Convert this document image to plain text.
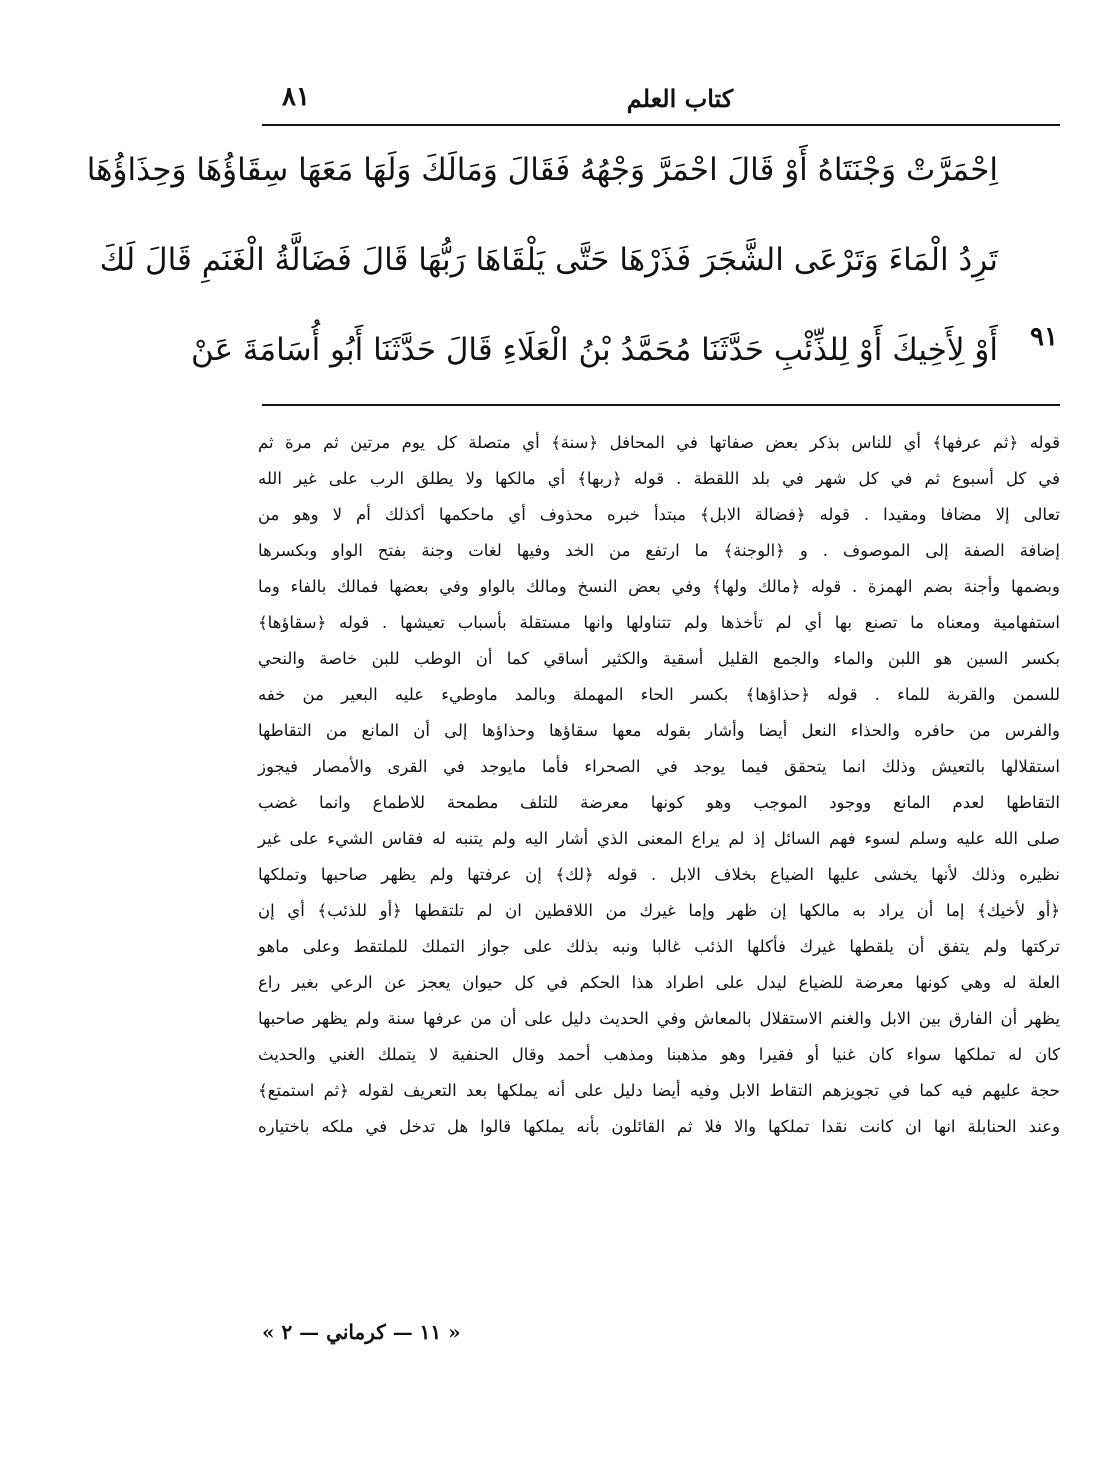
٨١	كتاب العلم
اِحْمَرَّتْ وَجْنَتَاهُ أَوْ قَالَ احْمَرَّ وَجْهُهُ فَقَالَ وَمَالَكَ وَلَهَا مَعَهَا سِقَاؤُهَا وَحِذَاؤُهَا
تَرِدُ الْمَاءَ وَتَرْعَى الشَّجَرَ فَذَرْهَا حَتَّى يَلْقَاهَا رَبُّهَا قَالَ فَضَالَّةُ الْغَنَمِ قَالَ لَكَ
أَوْ لِأَخِيكَ أَوْ لِلذِّئْبِ حَدَّثَنَا مُحَمَّدُ بْنُ الْعَلَاءِ قَالَ حَدَّثَنَا أَبُو أُسَامَةَ عَنْ ٩١
قوله ﴿ثم عرفها﴾ أي للناس بذكر بعض صفاتها في المحافل ﴿سنة﴾ أي متصلة كل يوم مرتين ثم مرة ثم
في كل أسبوع ثم في كل شهر في بلد اللقطة . قوله ﴿ربها﴾ أي مالكها ولا يطلق الرب على غير الله
تعالى إلا مضافا ومقيدا . قوله ﴿فضالة الابل﴾ مبتدأ خبره محذوف أي ماحكمها أكذلك أم لا وهو من
إضافة الصفة إلى الموصوف . و ﴿الوجنة﴾ ما ارتفع من الخد وفيها لغات وجنة بفتح الواو وبكسرها
وبضمها وأجنة بضم الهمزة . قوله ﴿مالك ولها﴾ وفي بعض النسخ ومالك بالواو وفي بعضها فمالك بالفاء وما
استفهامية ومعناه ما تصنع بها أي لم تأخذها ولم تتناولها وانها مستقلة بأسباب تعيشها . قوله ﴿سقاؤها﴾
بكسر السين هو اللبن والماء والجمع القليل أسقية والكثير أساقي كما أن الوطب للبن خاصة والنحي
للسمن والقربة للماء . قوله ﴿حذاؤها﴾ بكسر الحاء المهملة وبالمد ماوطيء عليه البعير من خفه
والفرس من حافره والحذاء النعل أيضا وأشار بقوله معها سقاؤها وحذاؤها إلى أن المانع من التقاطها
استقلالها بالتعيش وذلك انما يتحقق فيما يوجد في الصحراء فأما مايوجد في القرى والأمصار فيجوز
التقاطها لعدم المانع ووجود الموجب وهو كونها معرضة للتلف مطمحة للاطماع وانما غضب
صلى الله عليه وسلم لسوء فهم السائل إذ لم يراع المعنى الذي أشار اليه ولم يتنبه له فقاس الشيء على غير
نظيره وذلك لأنها يخشى عليها الضياع بخلاف الابل . قوله ﴿لك﴾ إن عرفتها ولم يظهر صاحبها وتملكها
﴿أو لأخيك﴾ إما أن يراد به مالكها إن ظهر وإما غيرك من اللاقطين ان لم تلتقطها ﴿أو للذئب﴾ أي إن
تركتها ولم يتفق أن يلقطها غيرك فأكلها الذئب غالبا ونبه بذلك على جواز التملك للملتقط وعلى ماهو
العلة له وهي كونها معرضة للضياع ليدل على اطراد هذا الحكم في كل حيوان يعجز عن الرعي بغير راع
يظهر أن الفارق بين الابل والغنم الاستقلال بالمعاش وفي الحديث دليل على أن من عرفها سنة ولم يظهر صاحبها
كان له تملكها سواء كان غنيا أو فقيرا وهو مذهبنا ومذهب أحمد وقال الحنفية لا يتملك الغني والحديث
حجة عليهم فيه كما في تجويزهم التقاط الابل وفيه أيضا دليل على أنه يملكها بعد التعريف لقوله ﴿ثم استمتع﴾
وعند الحنابلة انها ان كانت نقدا تملكها والا فلا ثم القائلون بأنه يملكها قالوا هل تدخل في ملكه باختياره
« ١١ — كرماني — ٢ »
